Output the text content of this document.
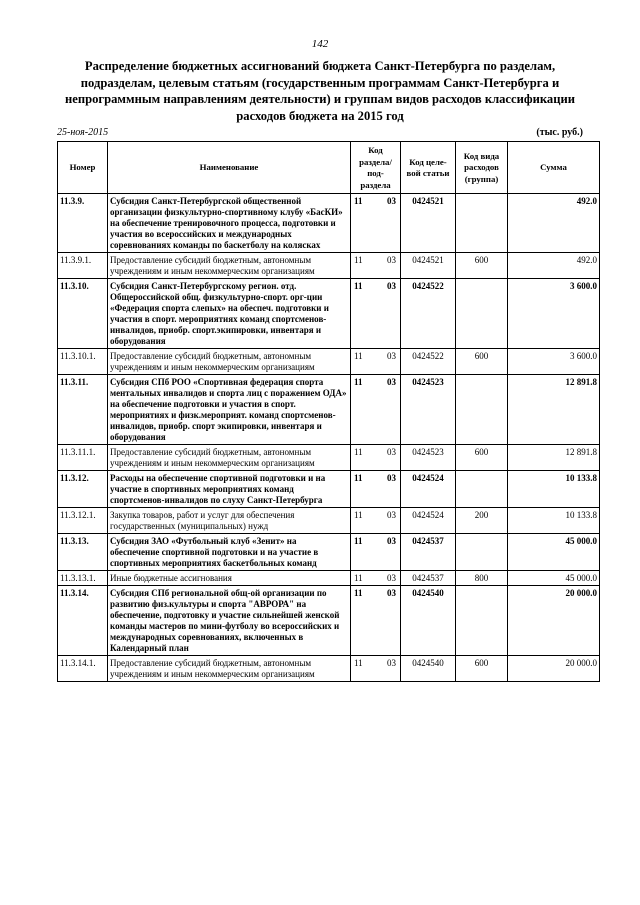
142
Распределение бюджетных ассигнований бюджета Санкт-Петербурга по разделам, подразделам, целевым статьям (государственным программам Санкт-Петербурга и непрограммным направлениям деятельности) и группам видов расходов классификации расходов бюджета на 2015 год
25-ноя-2015	(тыс. руб.)
Номер	Наименование	Код раздела/ под-раздела	Код целе-вой статьи	Код вида расходов (группа)	Сумма
11.3.9.	Субсидия Санкт-Петербургской общественной организации физкультурно-спортивному клубу «БасКИ» на обеспечение тренировочного процесса, подготовки и участия во всероссийских и международных соревнованиях команды по баскетболу на колясках	11 03	0424521		492.0
11.3.9.1.	Предоставление субсидий бюджетным, автономным учреждениям и иным некоммерческим организациям	11 03	0424521	600	492.0
11.3.10.	Субсидия Санкт-Петербургскому регион. отд. Общероссийской общ. физкультурно-спорт. орг-ции «Федерация спорта слепых» на обеспеч. подготовки и участия в спорт. мероприятиях команд спортсменов-инвалидов, приобр. спорт.экипировки, инвентаря и оборудования	11 03	0424522		3 600.0
11.3.10.1.	Предоставление субсидий бюджетным, автономным учреждениям и иным некоммерческим организациям	11 03	0424522	600	3 600.0
11.3.11.	Субсидия СПб РОО «Спортивная федерация спорта ментальных инвалидов и спорта лиц с поражением ОДА» на обеспечение подготовки и участия в спорт. мероприятиях и физк.мероприят. команд спортсменов-инвалидов, приобр. спорт экипировки, инвентаря и оборудования	11 03	0424523		12 891.8
11.3.11.1.	Предоставление субсидий бюджетным, автономным учреждениям и иным некоммерческим организациям	11 03	0424523	600	12 891.8
11.3.12.	Расходы на обеспечение спортивной подготовки и на участие в спортивных мероприятиях команд спортсменов-инвалидов по слуху Санкт-Петербурга	11 03	0424524		10 133.8
11.3.12.1.	Закупка товаров, работ и услуг для обеспечения государственных (муниципальных) нужд	11 03	0424524	200	10 133.8
11.3.13.	Субсидия ЗАО «Футбольный клуб «Зенит» на обеспечение спортивной подготовки и на участие в спортивных мероприятиях баскетбольных команд	11 03	0424537		45 000.0
11.3.13.1.	Иные бюджетные ассигнования	11 03	0424537	800	45 000.0
11.3.14.	Субсидия СПб региональной общ-ой организации по развитию физ.культуры и спорта "АВРОРА" на обеспечение, подготовку и участие сильнейшей женской команды мастеров по мини-футболу во всероссийских и международных соревнованиях, включенных в Календарный план	11 03	0424540		20 000.0
11.3.14.1.	Предоставление субсидий бюджетным, автономным учреждениям и иным некоммерческим организациям	11 03	0424540	600	20 000.0
